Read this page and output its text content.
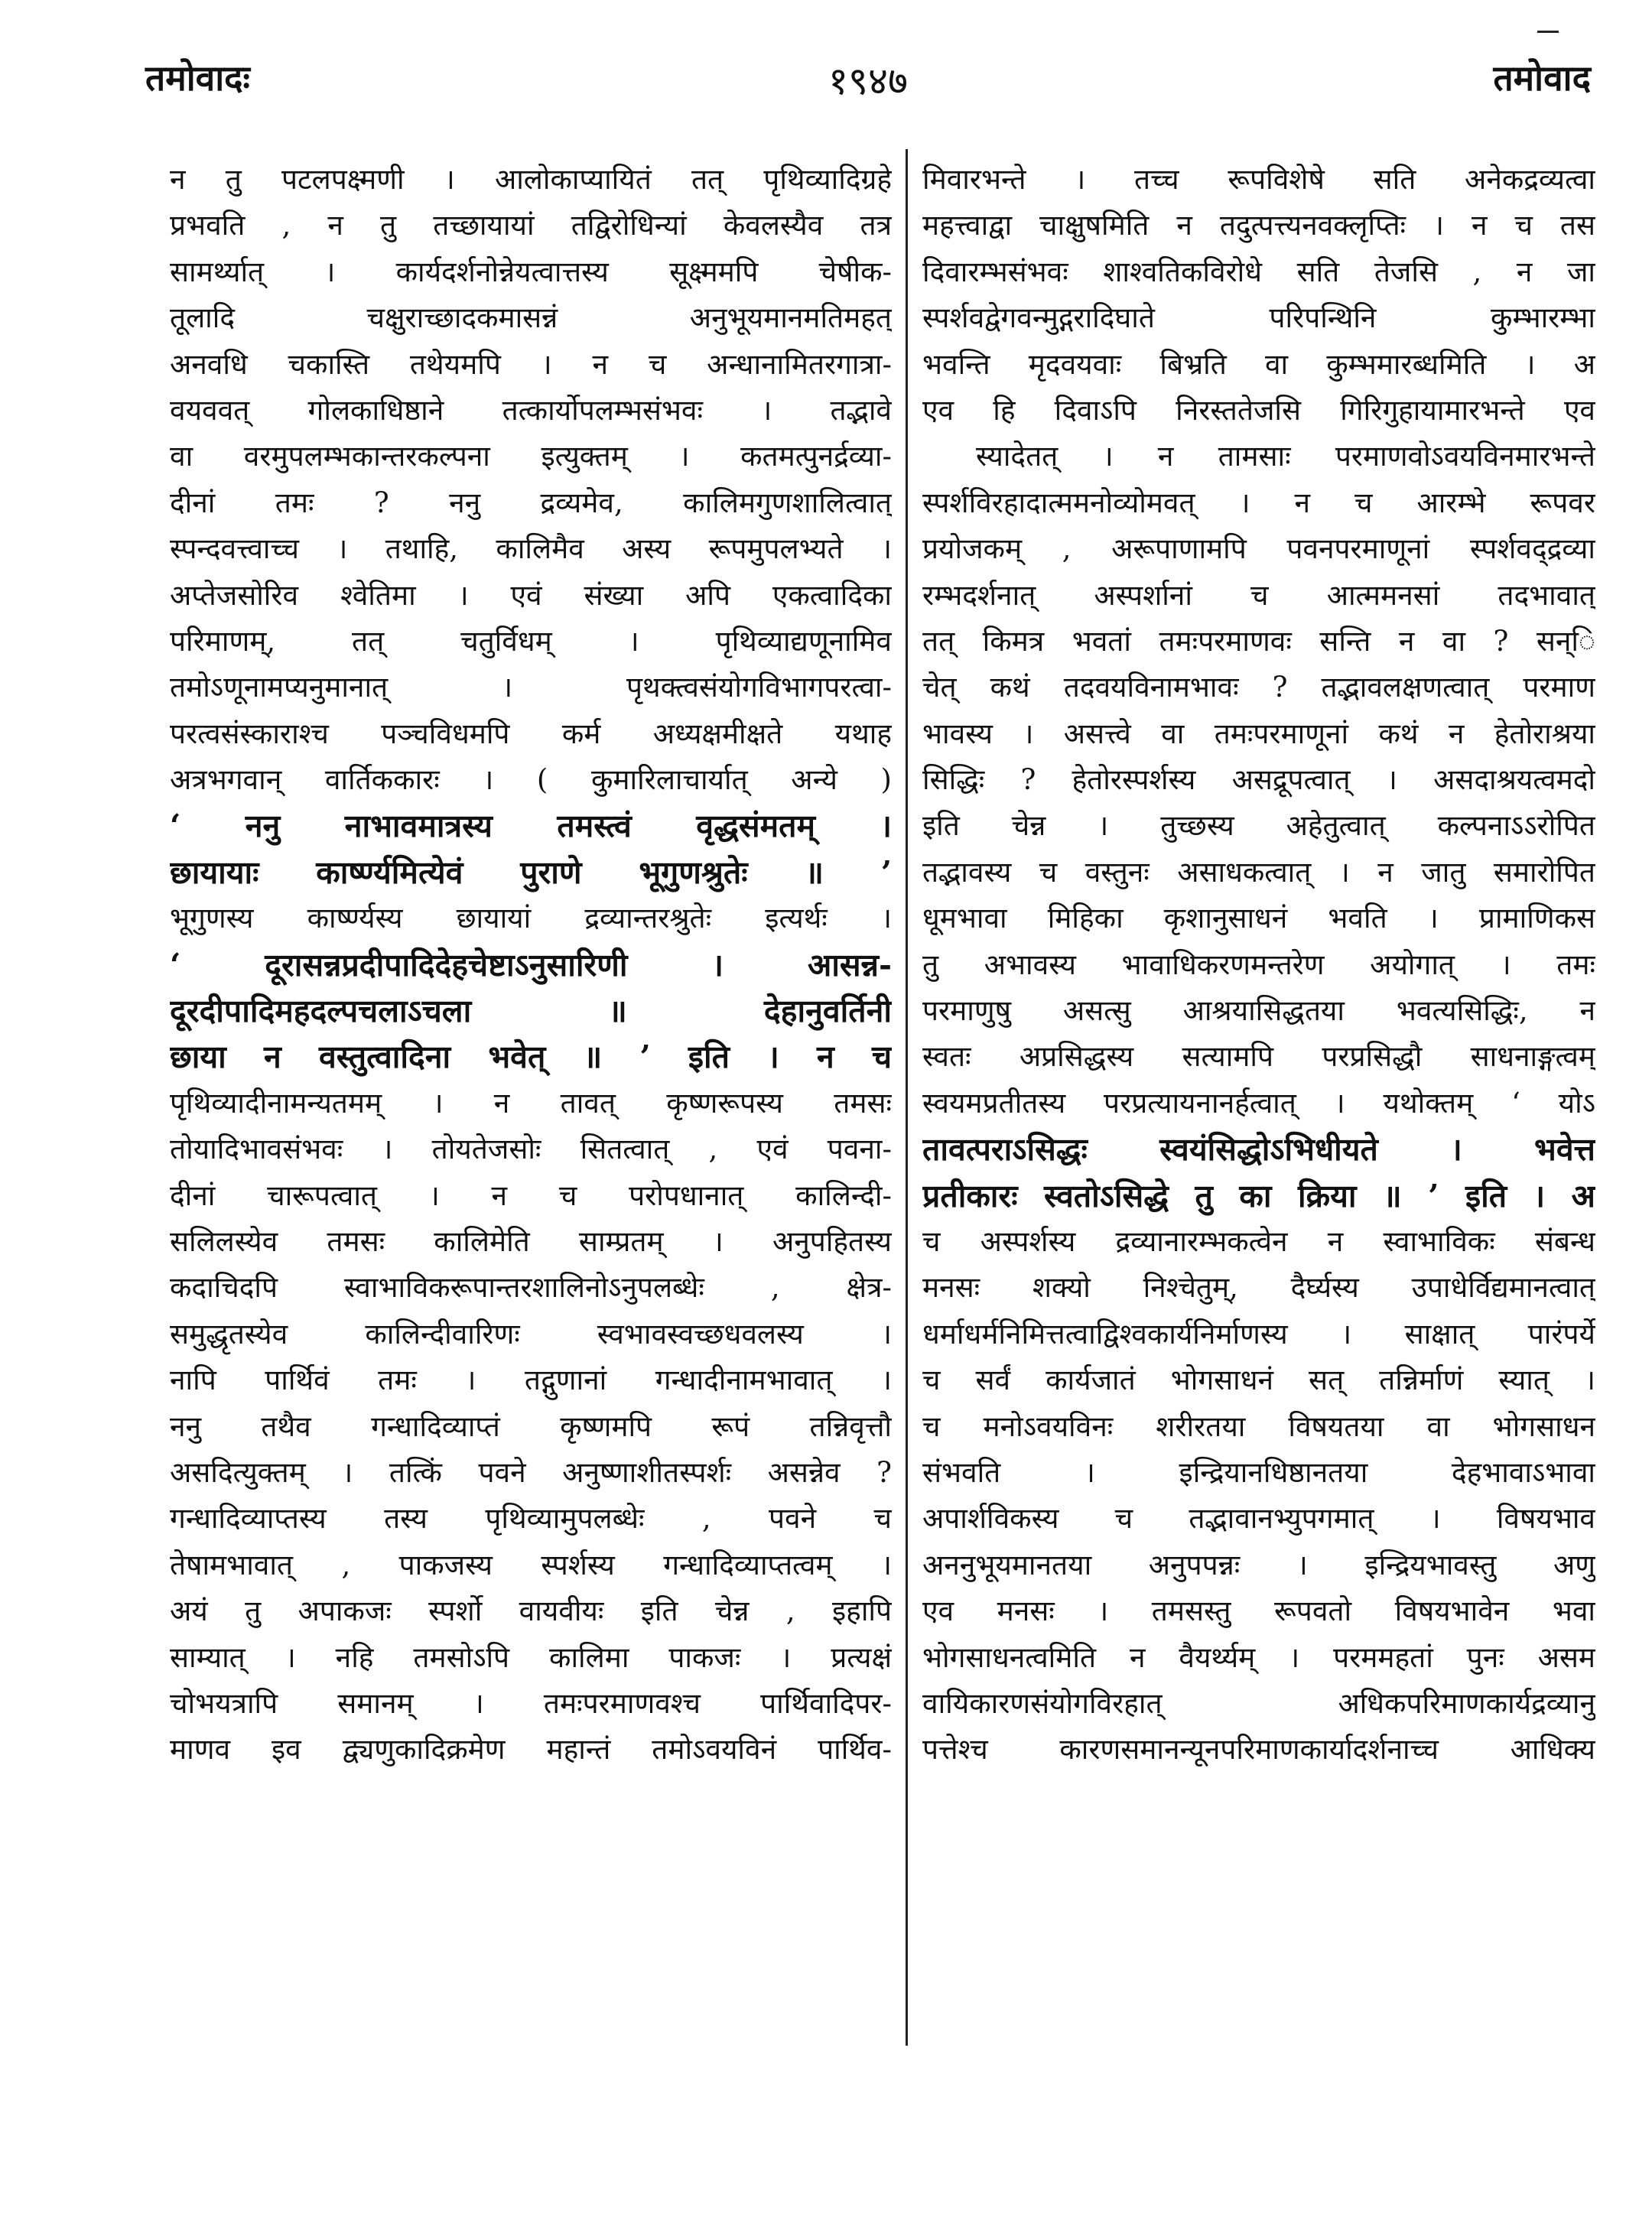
तमोवादः	१९४७	तमोवाद
न तु पटलपक्ष्मणी । आलोकाप्यायितं तत् पृथिव्यादिग्रहे
प्रभवति , न तु तच्छायायां तद्विरोधिन्यां केवलस्यैव तत्र
सामर्थ्यात् । कार्यदर्शनोन्नेयत्वात्तस्य सूक्ष्ममपि चेषीक-
तूलादि चक्षुराच्छादकमासन्नं अनुभूयमानमतिमहत्
अनवधि चकास्ति तथेयमपि । न च अन्धानामितरगात्रा-
वयववत् गोलकाधिष्ठाने तत्कार्योपलम्भसंभवः । तद्भावे
वा वरमुपलम्भकान्तरकल्पना इत्युक्तम् । कतमत्पुनर्द्रव्या-
दीनां तमः ? ननु द्रव्यमेव, कालिमगुणशालित्वात्
स्पन्दवत्त्वाच्च । तथाहि, कालिमैव अस्य रूपमुपलभ्यते ।
अप्तेजसोरिव श्वेतिमा । एवं संख्या अपि एकत्वादिका
परिमाणम्, तत् चतुर्विधम् । पृथिव्याद्यणूनामिव
तमोऽणूनामप्यनुमानात् । पृथक्त्वसंयोगविभागपरत्वा-
परत्वसंस्काराश्च पञ्चविधमपि कर्म अध्यक्षमीक्षते यथाह
अत्रभगवान् वार्तिककारः । ( कुमारिलाचार्यात् अन्ये )
‘ ननु नाभावमात्रस्य तमस्त्वं वृद्धसंमतम् ।
छायायाः कार्ष्ण्यमित्येवं पुराणे भूगुणश्रुतेः ॥ ’
भूगुणस्य कार्ष्ण्यस्य छायायां द्रव्यान्तरश्रुतेः इत्यर्थः ।
‘ दूरासन्नप्रदीपादिदेहचेष्टाऽनुसारिणी । आसन्न-
दूरदीपादिमहदल्पचलाऽचला ॥ देहानुवर्तिनी
छाया न वस्तुत्वादिना भवेत् ॥ ’ इति । न च
पृथिव्यादीनामन्यतमम् । न तावत् कृष्णरूपस्य तमसः
तोयादिभावसंभवः । तोयतेजसोः सितत्वात् , एवं पवना-
दीनां चारूपत्वात् । न च परोपधानात् कालिन्दी-
सलिलस्येव तमसः कालिमेति साम्प्रतम् । अनुपहितस्य
कदाचिदपि स्वाभाविकरूपान्तरशालिनोऽनुपलब्धेः , क्षेत्र-
समुद्धृतस्येव कालिन्दीवारिणः स्वभावस्वच्छधवलस्य ।
नापि पार्थिवं तमः । तद्गुणानां गन्धादीनामभावात् ।
ननु तथैव गन्धादिव्याप्तं कृष्णमपि रूपं तन्निवृत्तौ
असदित्युक्तम् । तत्किं पवने अनुष्णाशीतस्पर्शः असन्नेव ?
गन्धादिव्याप्तस्य तस्य पृथिव्यामुपलब्धेः , पवने च
तेषामभावात् , पाकजस्य स्पर्शस्य गन्धादिव्याप्तत्वम् ।
अयं तु अपाकजः स्पर्शो वायवीयः इति चेन्न , इहापि
साम्यात् । नहि तमसोऽपि कालिमा पाकजः । प्रत्यक्षं
चोभयत्रापि समानम् । तमःपरमाणवश्च पार्थिवादिपर-
माणव इव द्व्यणुकादिक्रमेण महान्तं तमोऽवयविनं पार्थिव-
मिवारभन्ते । तच्च रूपविशेषे सति अनेकद्रव्यत्वा
महत्त्वाद्वा चाक्षुषमिति न तदुत्पत्त्यनवक्लृप्तिः । न च तस
दिवारम्भसंभवः शाश्वतिकविरोधे सति तेजसि , न जा
स्पर्शवद्वेगवन्मुद्गरादिघाते परिपन्थिनि कुम्भारम्भा
भवन्ति मृदवयवाः बिभ्रति वा कुम्भमारब्धमिति । अ
एव हि दिवाऽपि निरस्ततेजसि गिरिगुहायामारभन्ते एव
स्यादेतत् । न तामसाः परमाणवोऽवयविनमारभन्ते
स्पर्शविरहादात्ममनोव्योमवत् । न च आरम्भे रूपवर
प्रयोजकम् , अरूपाणामपि पवनपरमाणूनां स्पर्शवद्द्रव्या
रम्भदर्शनात् अस्पर्शानां च आत्ममनसां तदभावात्
तत् किमत्र भवतां तमःपरमाणवः सन्ति न वा ? सन्ि
चेत् कथं तदवयविनामभावः ? तद्भावलक्षणत्वात् परमाण
भावस्य । असत्त्वे वा तमःपरमाणूनां कथं न हेतोराश्रया
सिद्धिः ? हेतोरस्पर्शस्य असद्रूपत्वात् । असदाश्रयत्वमदो
इति चेन्न । तुच्छस्य अहेतुत्वात् कल्पनाऽऽरोपित
तद्भावस्य च वस्तुनः असाधकत्वात् । न जातु समारोपित
धूमभावा मिहिका कृशानुसाधनं भवति । प्रामाणिकस
तु अभावस्य भावाधिकरणमन्तरेण अयोगात् । तमः
परमाणुषु असत्सु आश्रयासिद्धतया भवत्यसिद्धिः, न
स्वतः अप्रसिद्धस्य सत्यामपि परप्रसिद्धौ साधनाङ्गत्वम्
स्वयमप्रतीतस्य परप्रत्यायनानर्हत्वात् । यथोक्तम् ‘ योऽ
तावत्पराऽसिद्धः स्वयंसिद्धोऽभिधीयते । भवेत्त
प्रतीकारः स्वतोऽसिद्धे तु का क्रिया ॥ ’ इति । अ
च अस्पर्शस्य द्रव्यानारम्भकत्वेन न स्वाभाविकः संबन्ध
मनसः शक्यो निश्चेतुम्, दैर्घ्यस्य उपाधेर्विद्यमानत्वात्
धर्माधर्मनिमित्तत्वाद्विश्वकार्यनिर्माणस्य । साक्षात् पारंपर्ये
च सर्वं कार्यजातं भोगसाधनं सत् तन्निर्माणं स्यात् ।
च मनोऽवयविनः शरीरतया विषयतया वा भोगसाधन
संभवति । इन्द्रियानधिष्ठानतया देहभावाऽभावा
अपार्शविकस्य च तद्भावानभ्युपगमात् । विषयभाव
अननुभूयमानतया अनुपपन्नः । इन्द्रियभावस्तु अणु
एव मनसः । तमसस्तु रूपवतो विषयभावेन भवा
भोगसाधनत्वमिति न वैयर्थ्यम् । परममहतां पुनः असम
वायिकारणसंयोगविरहात् अधिकपरिमाणकार्यद्रव्यानु
पत्तेश्च कारणसमानन्यूनपरिमाणकार्यादर्शनाच्च आधिक्य
